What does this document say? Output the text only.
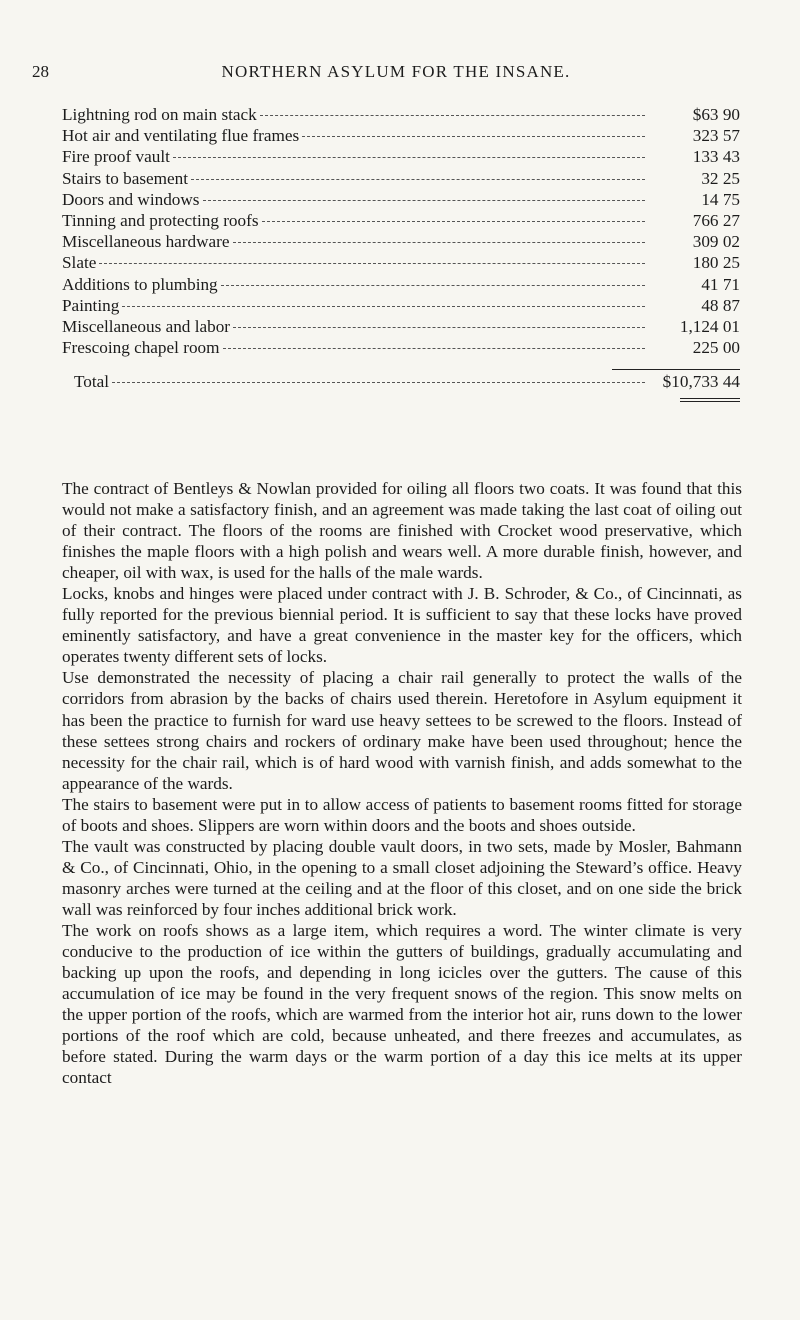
28	NORTHERN ASYLUM FOR THE INSANE.
Lightning rod on main stack	$63 90
Hot air and ventilating flue frames	323 57
Fire proof vault	133 43
Stairs to basement	32 25
Doors and windows	14 75
Tinning and protecting roofs	766 27
Miscellaneous hardware	309 02
Slate	180 25
Additions to plumbing	41 71
Painting	48 87
Miscellaneous and labor	1,124 01
Frescoing chapel room	225 00
Total	$10,733 44

The contract of Bentleys & Nowlan provided for oiling all floors two coats. It was found that this would not make a satisfactory finish, and an agreement was made taking the last coat of oiling out of their contract. The floors of the rooms are finished with Crocket wood preservative, which finishes the maple floors with a high polish and wears well. A more durable finish, however, and cheaper, oil with wax, is used for the halls of the male wards.

Locks, knobs and hinges were placed under contract with J. B. Schroder, & Co., of Cincinnati, as fully reported for the previous biennial period. It is sufficient to say that these locks have proved eminently satisfactory, and have a great convenience in the master key for the officers, which operates twenty different sets of locks.

Use demonstrated the necessity of placing a chair rail generally to protect the walls of the corridors from abrasion by the backs of chairs used therein. Heretofore in Asylum equipment it has been the practice to furnish for ward use heavy settees to be screwed to the floors. Instead of these settees strong chairs and rockers of ordinary make have been used throughout; hence the necessity for the chair rail, which is of hard wood with varnish finish, and adds somewhat to the appearance of the wards.

The stairs to basement were put in to allow access of patients to basement rooms fitted for storage of boots and shoes. Slippers are worn within doors and the boots and shoes outside.

The vault was constructed by placing double vault doors, in two sets, made by Mosler, Bahmann & Co., of Cincinnati, Ohio, in the opening to a small closet adjoining the Steward’s office. Heavy masonry arches were turned at the ceiling and at the floor of this closet, and on one side the brick wall was reinforced by four inches additional brick work.

The work on roofs shows as a large item, which requires a word. The winter climate is very conducive to the production of ice within the gutters of buildings, gradually accumulating and backing up upon the roofs, and depending in long icicles over the gutters. The cause of this accumulation of ice may be found in the very frequent snows of the region. This snow melts on the upper portion of the roofs, which are warmed from the interior hot air, runs down to the lower portions of the roof which are cold, because unheated, and there freezes and accumulates, as before stated. During the warm days or the warm portion of a day this ice melts at its upper contact
